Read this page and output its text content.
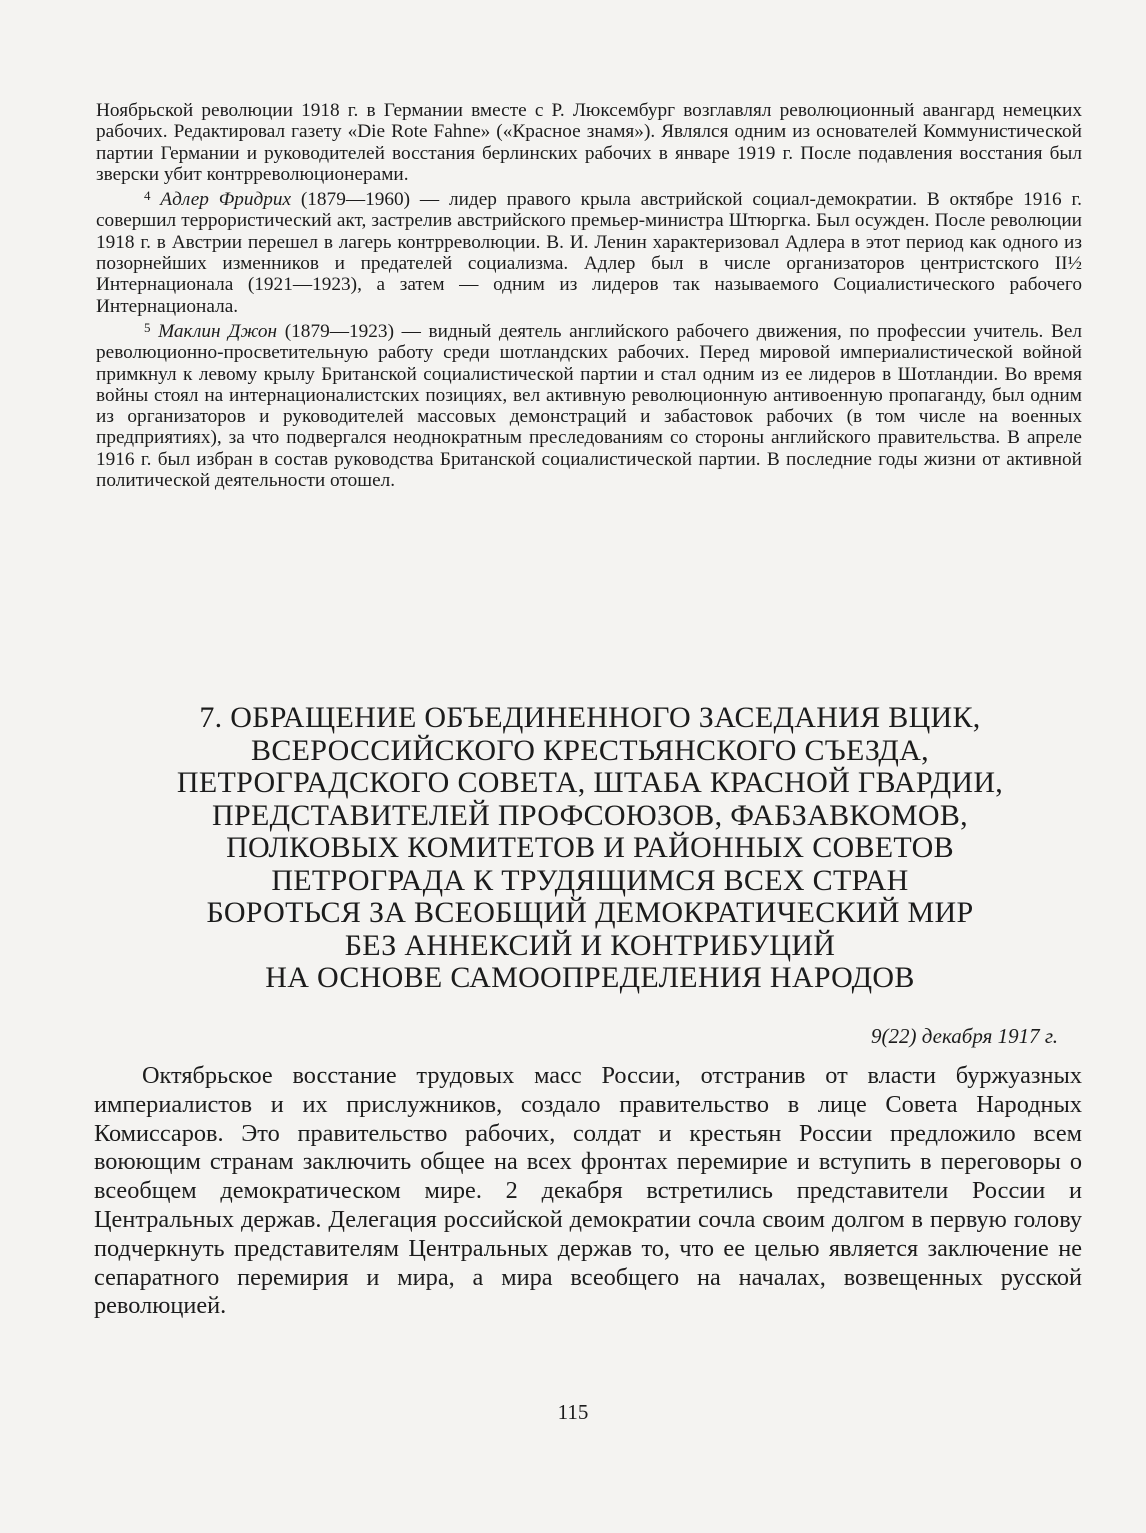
Ноябрьской революции 1918 г. в Германии вместе с Р. Люксембург возглавлял революционный авангард немецких рабочих. Редактировал газету «Die Rote Fahne» («Красное знамя»). Являлся одним из основателей Коммунистической партии Германии и руководителей восстания берлинских рабочих в январе 1919 г. После подавления восстания был зверски убит контрреволюционерами.

$^4$ Адлер Фридрих (1879—1960) — лидер правого крыла австрийской социал-демократии. В октябре 1916 г. совершил террористический акт, застрелив австрийского премьер-министра Штюргка. Был осужден. После революции 1918 г. в Австрии перешел в лагерь контрреволюции. В. И. Ленин характеризовал Адлера в этот период как одного из позорнейших изменников и предателей социализма. Адлер был в числе организаторов центристского II½ Интернационала (1921—1923), а затем — одним из лидеров так называемого Социалистического рабочего Интернационала.

$^5$ Маклин Джон (1879—1923) — видный деятель английского рабочего движения, по профессии учитель. Вел революционно-просветительную работу среди шотландских рабочих. Перед мировой империалистической войной примкнул к левому крылу Британской социалистической партии и стал одним из ее лидеров в Шотландии. Во время войны стоял на интернационалистских позициях, вел активную революционную антивоенную пропаганду, был одним из организаторов и руководителей массовых демонстраций и забастовок рабочих (в том числе на военных предприятиях), за что подвергался неоднократным преследованиям со стороны английского правительства. В апреле 1916 г. был избран в состав руководства Британской социалистической партии. В последние годы жизни от активной политической деятельности отошел.

7. ОБРАЩЕНИЕ ОБЪЕДИНЕННОГО ЗАСЕДАНИЯ ВЦИК,
ВСЕРОССИЙСКОГО КРЕСТЬЯНСКОГО СЪЕЗДА,
ПЕТРОГРАДСКОГО СОВЕТА, ШТАБА КРАСНОЙ ГВАРДИИ,
ПРЕДСТАВИТЕЛЕЙ ПРОФСОЮЗОВ, ФАБЗАВКОМОВ,
ПОЛКОВЫХ КОМИТЕТОВ И РАЙОННЫХ СОВЕТОВ
ПЕТРОГРАДА К ТРУДЯЩИМСЯ ВСЕХ СТРАН
БОРОТЬСЯ ЗА ВСЕОБЩИЙ ДЕМОКРАТИЧЕСКИЙ МИР
БЕЗ АННЕКСИЙ И КОНТРИБУЦИЙ
НА ОСНОВЕ САМООПРЕДЕЛЕНИЯ НАРОДОВ
9(22) декабря 1917 г.

Октябрьское восстание трудовых масс России, отстранив от власти буржуазных империалистов и их прислужников, создало правительство в лице Совета Народных Комиссаров. Это правительство рабочих, солдат и крестьян России предложило всем воюющим странам заключить общее на всех фронтах перемирие и вступить в переговоры о всеобщем демократическом мире. 2 декабря встретились представители России и Центральных держав. Делегация российской демократии сочла своим долгом в первую голову подчеркнуть представителям Центральных держав то, что ее целью является заключение не сепаратного перемирия и мира, а мира всеобщего на началах, возвещенных русской революцией.

115
